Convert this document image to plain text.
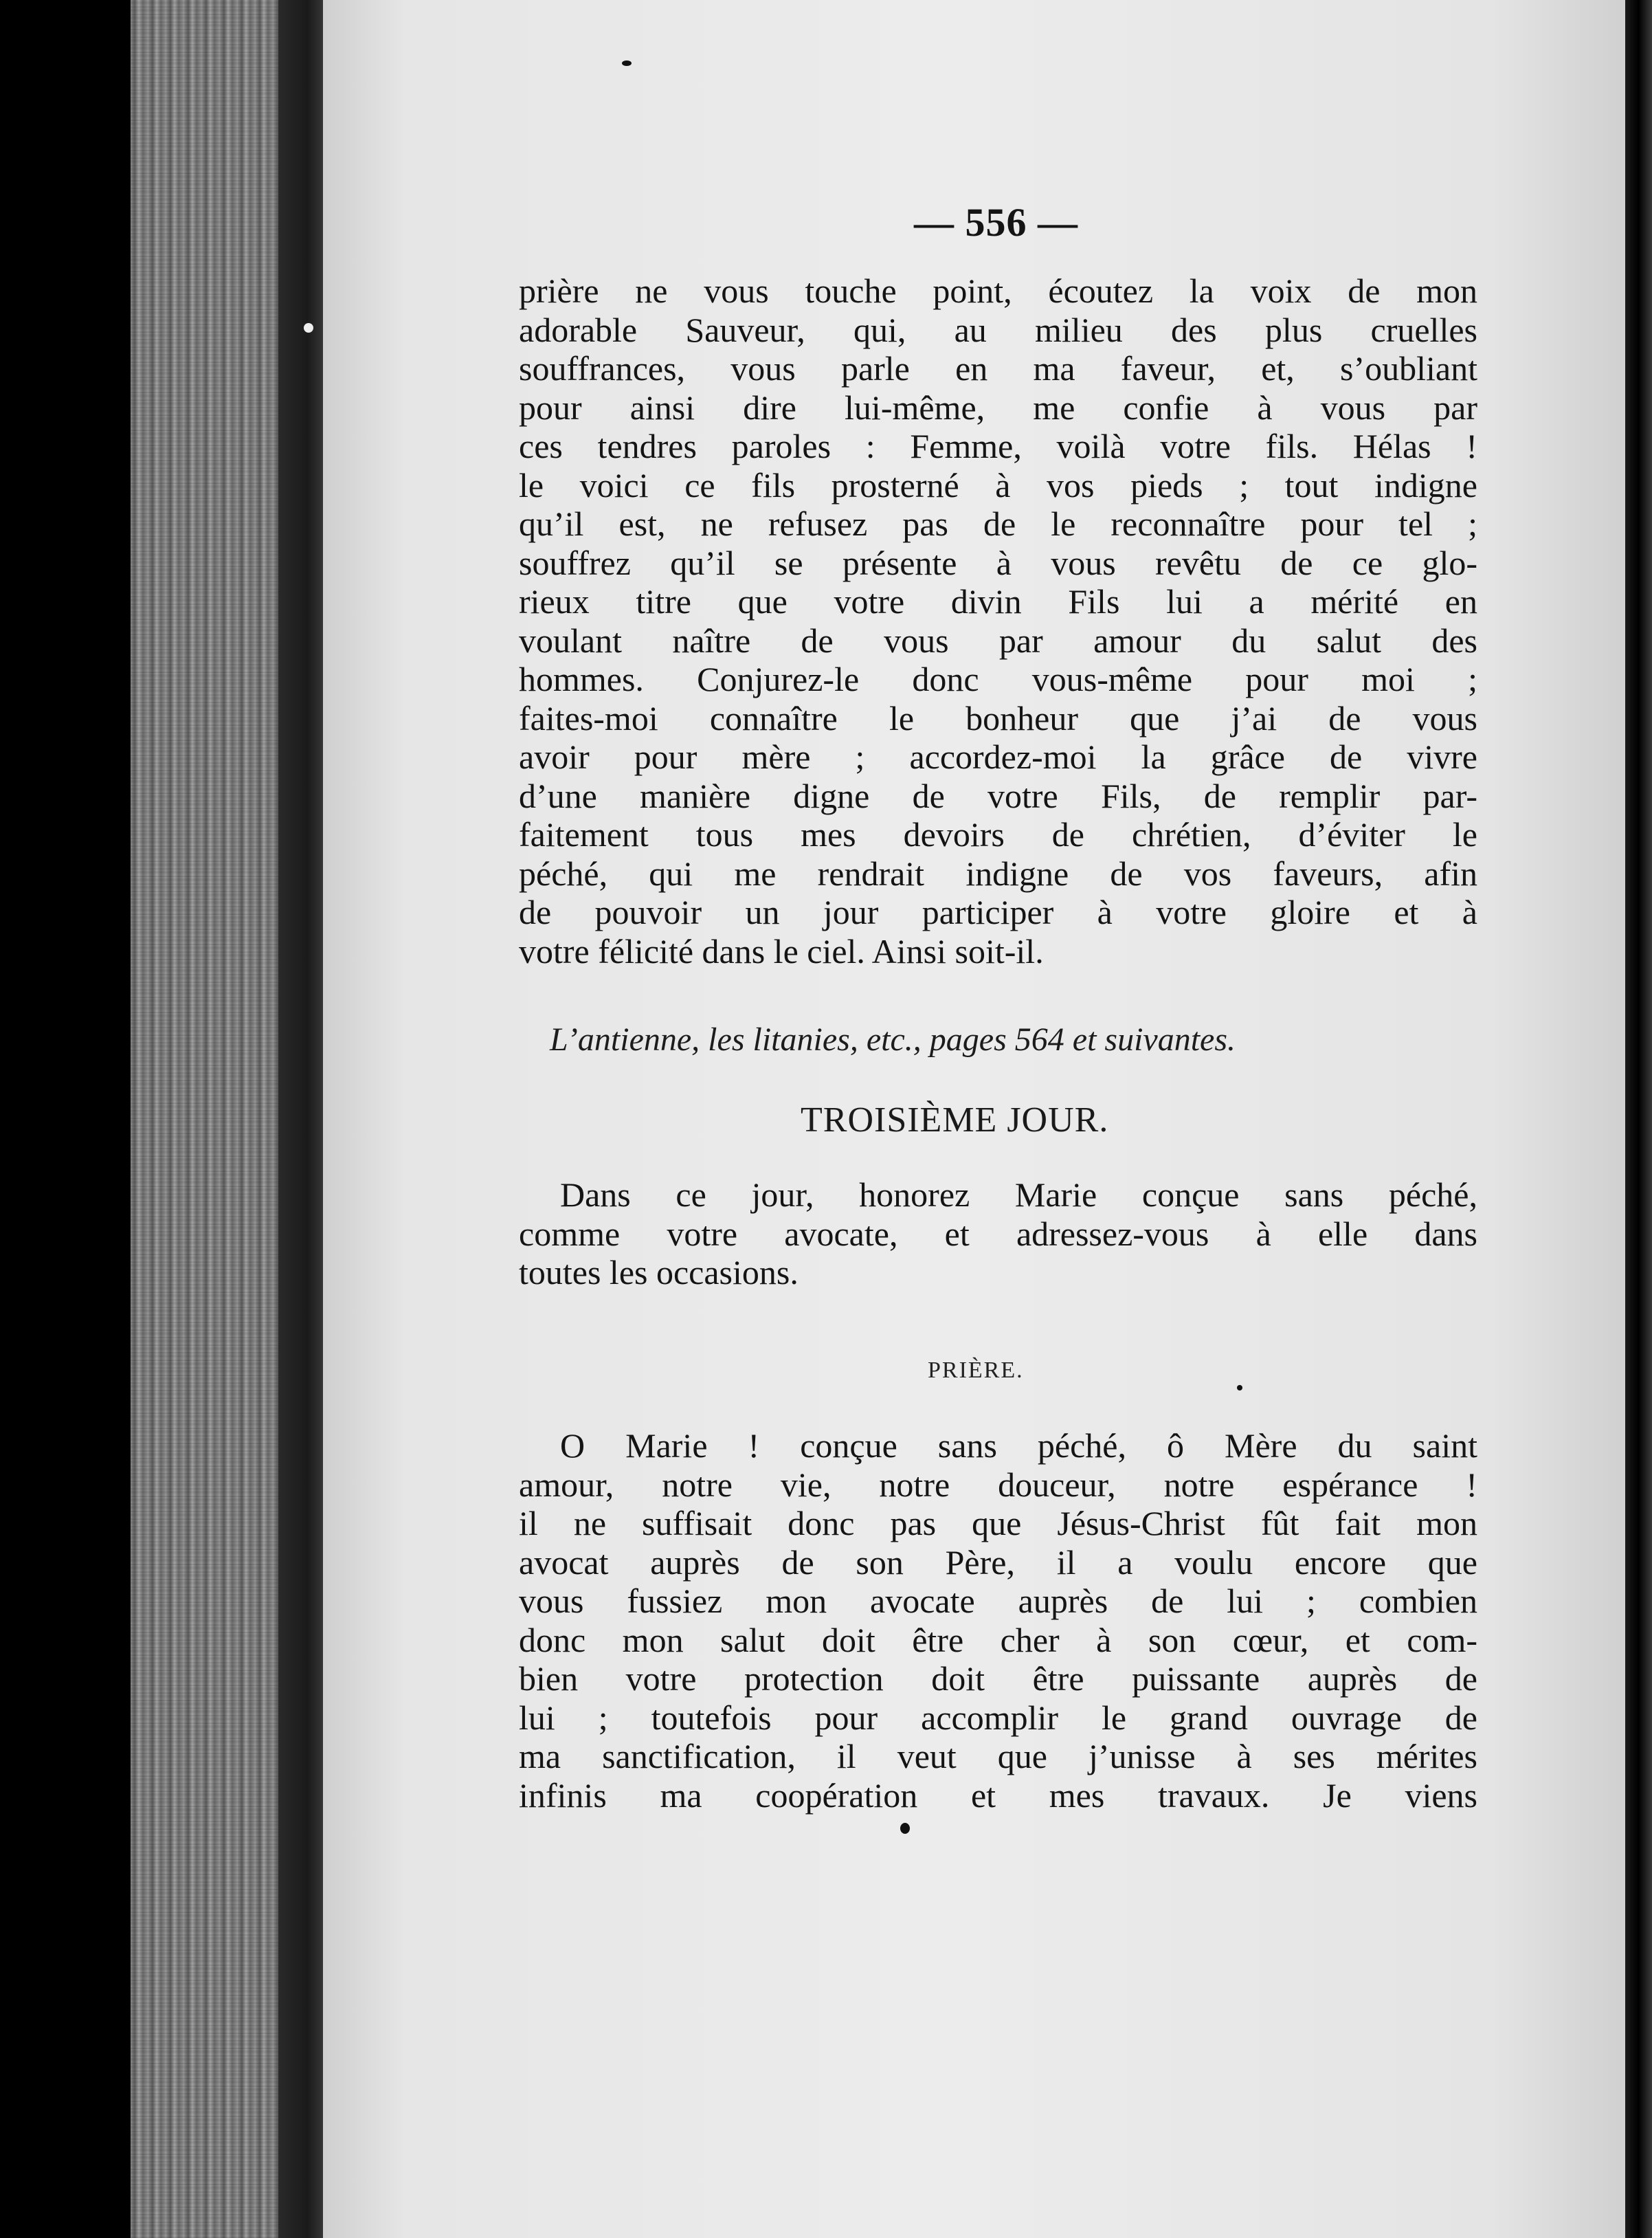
— 556 —
prière ne vous touche point, écoutez la voix de mon
adorable Sauveur, qui, au milieu des plus cruelles
souffrances, vous parle en ma faveur, et, s’oubliant
pour ainsi dire lui-même, me confie à vous par
ces tendres paroles : Femme, voilà votre fils. Hélas !
le voici ce fils prosterné à vos pieds ; tout indigne
qu’il est, ne refusez pas de le reconnaître pour tel ;
souffrez qu’il se présente à vous revêtu de ce glo-
rieux titre que votre divin Fils lui a mérité en
voulant naître de vous par amour du salut des
hommes. Conjurez-le donc vous-même pour moi ;
faites-moi connaître le bonheur que j’ai de vous
avoir pour mère ; accordez-moi la grâce de vivre
d’une manière digne de votre Fils, de remplir par-
faitement tous mes devoirs de chrétien, d’éviter le
péché, qui me rendrait indigne de vos faveurs, afin
de pouvoir un jour participer à votre gloire et à
votre félicité dans le ciel. Ainsi soit-il.
L’antienne, les litanies, etc., pages 564 et suivantes.
TROISIÈME JOUR.
Dans ce jour, honorez Marie conçue sans péché,
comme votre avocate, et adressez-vous à elle dans
toutes les occasions.
PRIÈRE.
O Marie ! conçue sans péché, ô Mère du saint
amour, notre vie, notre douceur, notre espérance !
il ne suffisait donc pas que Jésus-Christ fût fait mon
avocat auprès de son Père, il a voulu encore que
vous fussiez mon avocate auprès de lui ; combien
donc mon salut doit être cher à son cœur, et com-
bien votre protection doit être puissante auprès de
lui ; toutefois pour accomplir le grand ouvrage de
ma sanctification, il veut que j’unisse à ses mérites
infinis ma coopération et mes travaux. Je viens
